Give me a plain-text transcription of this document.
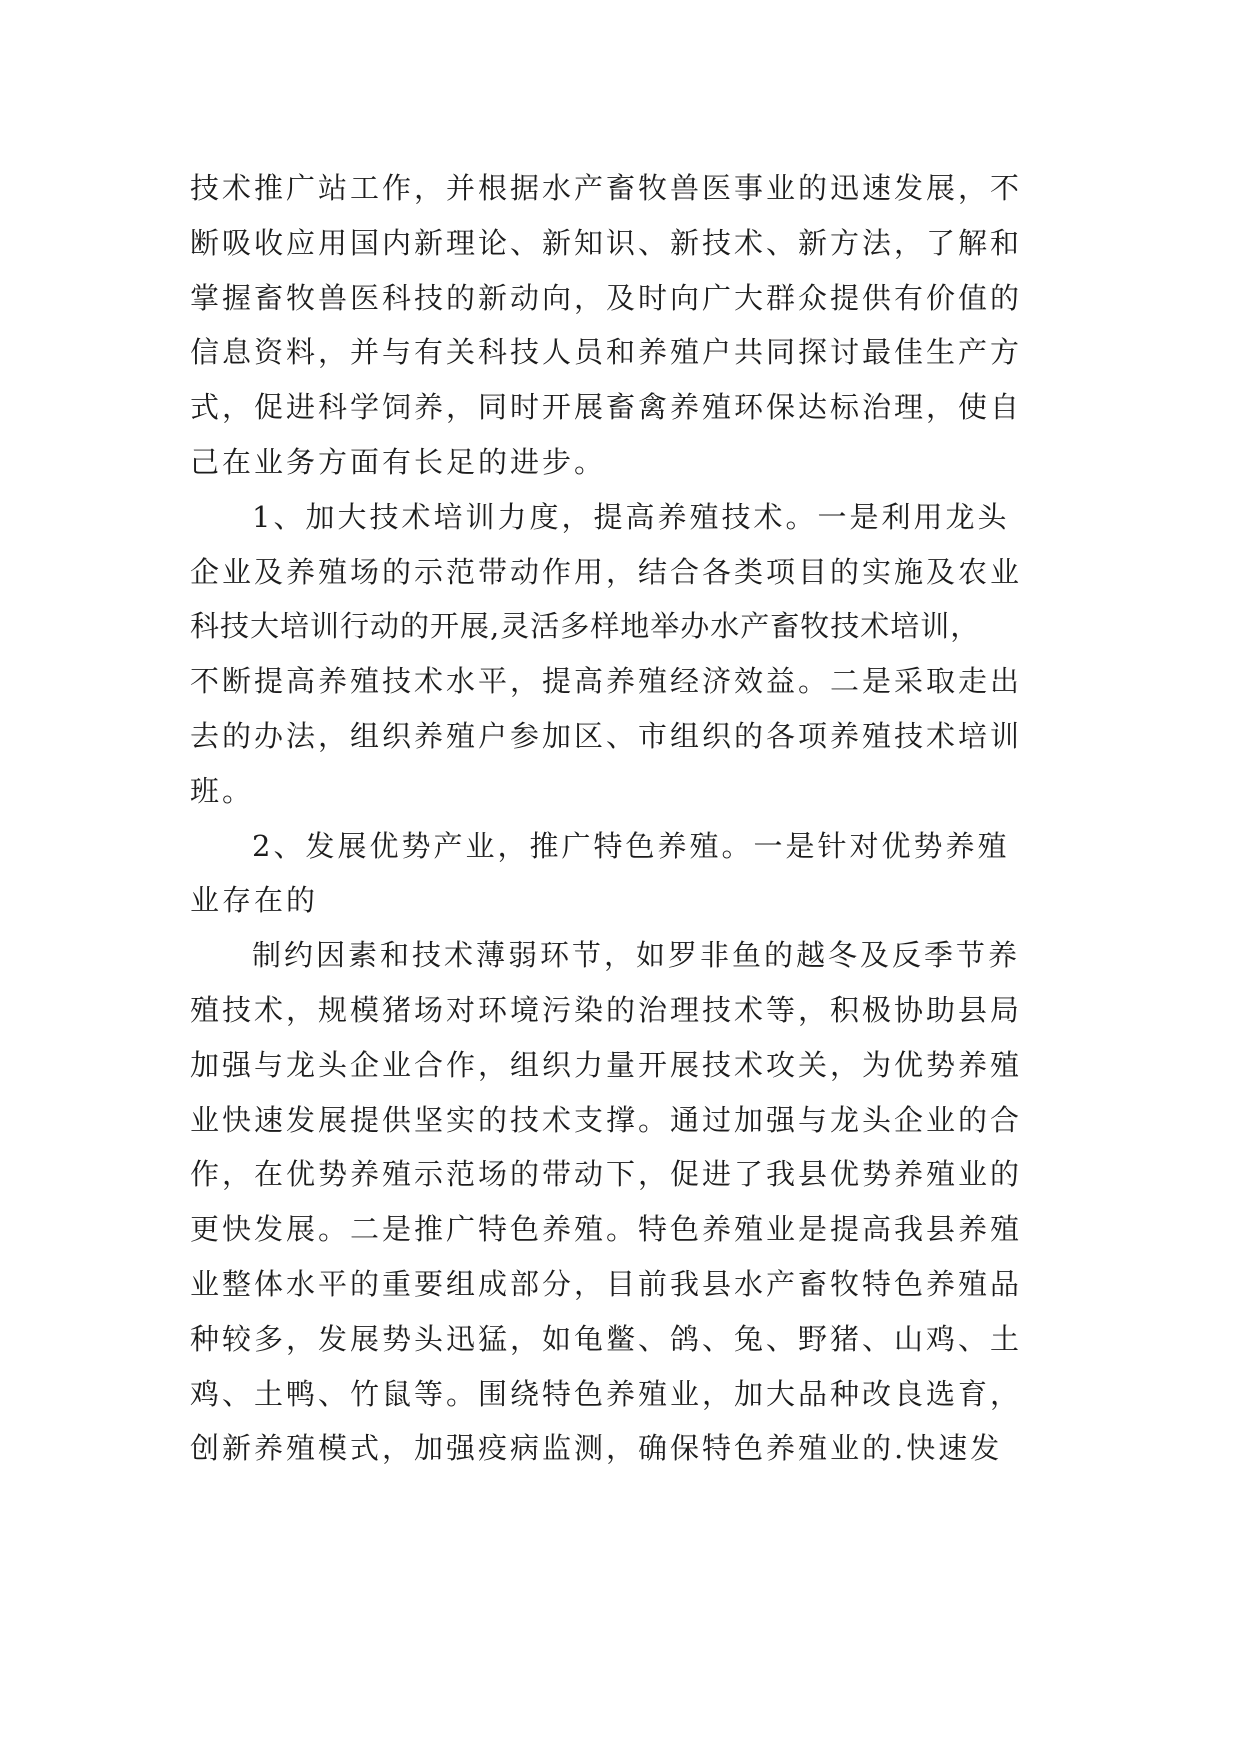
技术推广站工作，并根据水产畜牧兽医事业的迅速发展，不
断吸收应用国内新理论、新知识、新技术、新方法，了解和
掌握畜牧兽医科技的新动向，及时向广大群众提供有价值的
信息资料，并与有关科技人员和养殖户共同探讨最佳生产方
式，促进科学饲养，同时开展畜禽养殖环保达标治理，使自
己在业务方面有长足的进步。
1、加大技术培训力度，提高养殖技术。一是利用龙头
企业及养殖场的示范带动作用，结合各类项目的实施及农业
科技大培训行动的开展,灵活多样地举办水产畜牧技术培训，
不断提高养殖技术水平，提高养殖经济效益。二是采取走出
去的办法，组织养殖户参加区、市组织的各项养殖技术培训
班。
2、发展优势产业，推广特色养殖。一是针对优势养殖
业存在的
制约因素和技术薄弱环节，如罗非鱼的越冬及反季节养
殖技术，规模猪场对环境污染的治理技术等，积极协助县局
加强与龙头企业合作，组织力量开展技术攻关，为优势养殖
业快速发展提供坚实的技术支撑。通过加强与龙头企业的合
作，在优势养殖示范场的带动下，促进了我县优势养殖业的
更快发展。二是推广特色养殖。特色养殖业是提高我县养殖
业整体水平的重要组成部分，目前我县水产畜牧特色养殖品
种较多，发展势头迅猛，如龟鳖、鸽、兔、野猪、山鸡、土
鸡、土鸭、竹鼠等。围绕特色养殖业，加大品种改良选育，
创新养殖模式，加强疫病监测，确保特色养殖业的.快速发
